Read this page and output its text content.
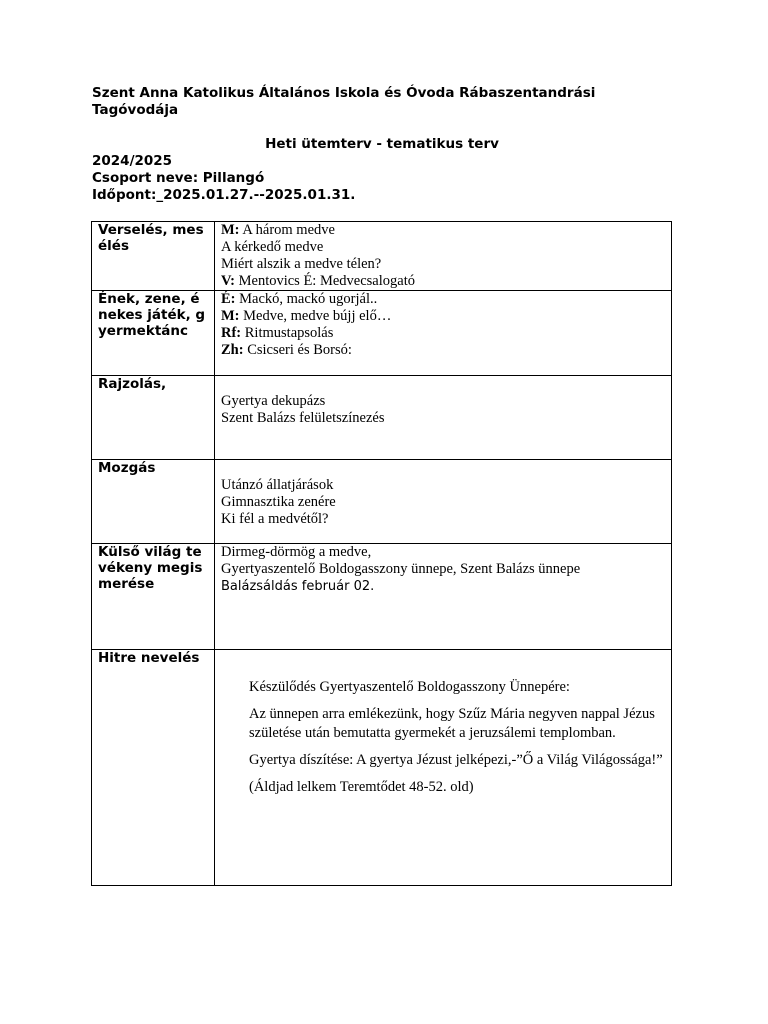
Szent Anna Katolikus Általános Iskola és Óvoda Rábaszentandrási Tagóvodája
Heti ütemterv - tematikus terv
2024/2025
Csoport neve: Pillangó
Időpont:_2025.01.27.--2025.01.31.
Verselés, mesélés	M: A három medve
A kérkedő medve
Miért alszik a medve télen?
V: Mentovics É: Medvecsalogató

Ének, zene, énekes játék, gyermektánc	É: Mackó, mackó ugorjál..
M: Medve, medve bújj elő…
Rf: Ritmustapsolás
Zh: Csicseri és Borsó:

Rajzolás,	Gyertya dekupázs
Szent Balázs felületszínezés

Mozgás	Utánzó állatjárások
Gimnasztika zenére
Ki fél a medvétől?

Külső világ tevékeny megismerése	Dirmeg-dörmög a medve,
Gyertyaszentelő Boldogasszony ünnepe, Szent Balázs ünnepe
Balázsáldás február 02.

Hitre nevelés	Készülődés Gyertyaszentelő Boldogasszony Ünnepére:
Az ünnepen arra emlékezünk, hogy Szűz Mária negyven nappal Jézus születése után bemutatta gyermekét a jeruzsálemi templomban.
Gyertya díszítése: A gyertya Jézust jelképezi,-”Ő a Világ Világossága!”
(Áldjad lelkem Teremtődet 48-52. old)
